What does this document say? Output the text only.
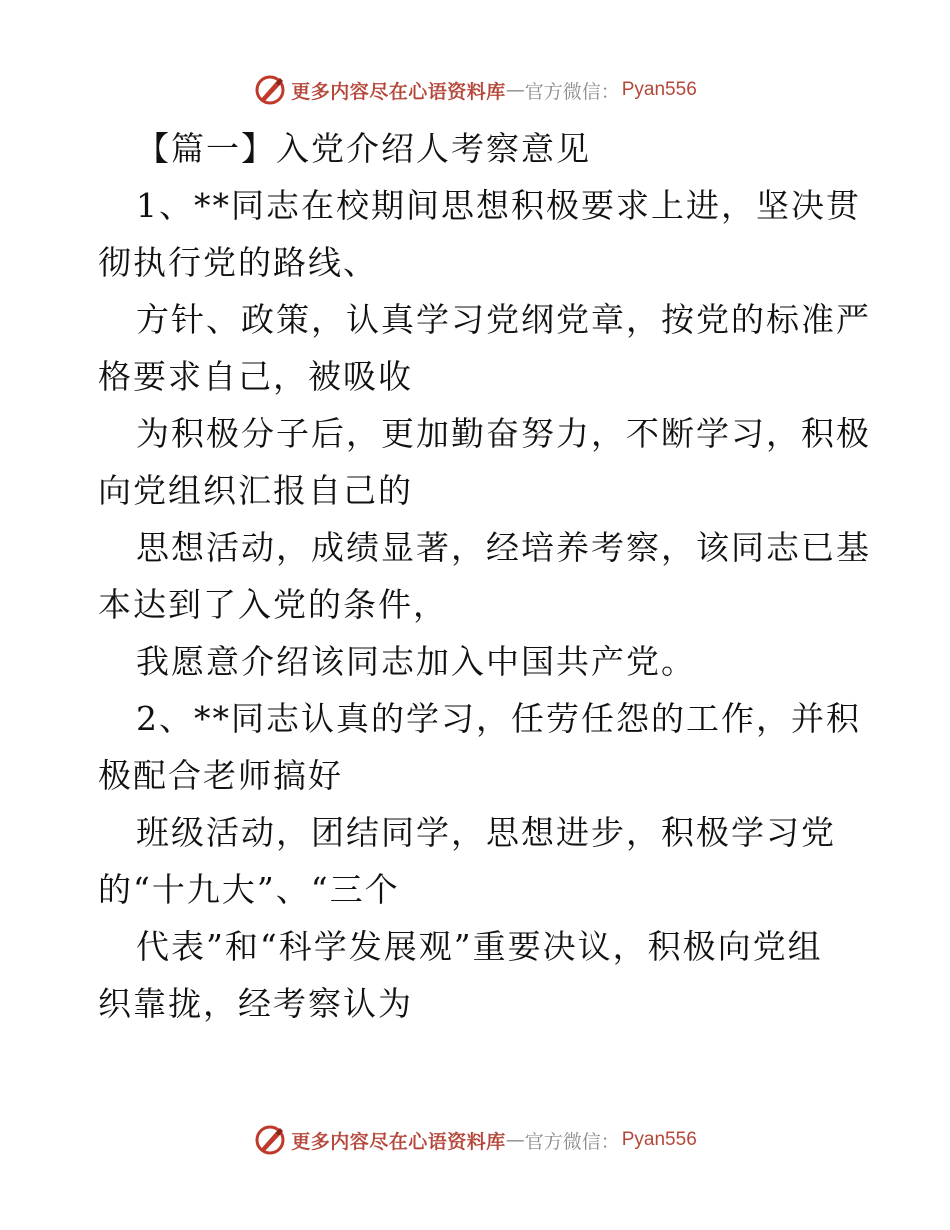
更多内容尽在心语资料库 — 官方微信： Pyan556
【篇一】入党介绍人考察意见
1、**同志在校期间思想积极要求上进，坚决贯
彻执行党的路线、
方针、政策，认真学习党纲党章，按党的标准严
格要求自己，被吸收
为积极分子后，更加勤奋努力，不断学习，积极
向党组织汇报自己的
思想活动，成绩显著，经培养考察，该同志已基
本达到了入党的条件，
我愿意介绍该同志加入中国共产党。
2、**同志认真的学习，任劳任怨的工作，并积
极配合老师搞好
班级活动，团结同学，思想进步，积极学习党
的“十九大”、“三个
代表”和“科学发展观”重要决议，积极向党组
织靠拢，经考察认为
更多内容尽在心语资料库 — 官方微信： Pyan556
